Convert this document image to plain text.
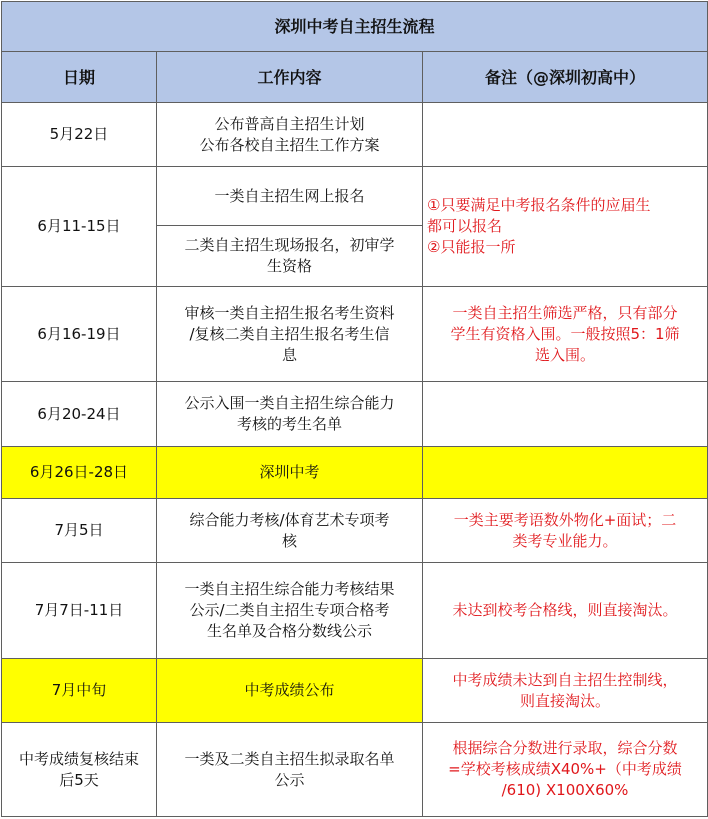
深圳中考自主招生流程		
日期	工作内容	备注（@深圳初高中）
5月22日	公布普高自主招生计划
公布各校自主招生工作方案	

6月11-15日	一类自主招生网上报名	①只要满足中考报名条件的应届生
都可以报名
②只能报一所

	二类自主招生现场报名，初审学
生资格	

6月16-19日	审核一类自主招生报名考生资料
/复核二类自主招生报名考生信
息	一类自主招生筛选严格，只有部分
学生有资格入围。一般按照5：1筛
选入围。

6月20-24日	公示入围一类自主招生综合能力
考核的考生名单	

6月26日-28日	深圳中考	

7月5日	综合能力考核/体育艺术专项考
核	一类主要考语数外物化+面试；二
类考专业能力。

7月7日-11日	一类自主招生综合能力考核结果
公示/二类自主招生专项合格考
生名单及合格分数线公示	未达到校考合格线，则直接淘汰。

7月中旬	中考成绩公布	中考成绩未达到自主招生控制线，
则直接淘汰。

中考成绩复核结束
后5天	一类及二类自主招生拟录取名单
公示	根据综合分数进行录取，综合分数
=学校考核成绩X40%+（中考成绩
/610) X100X60%
